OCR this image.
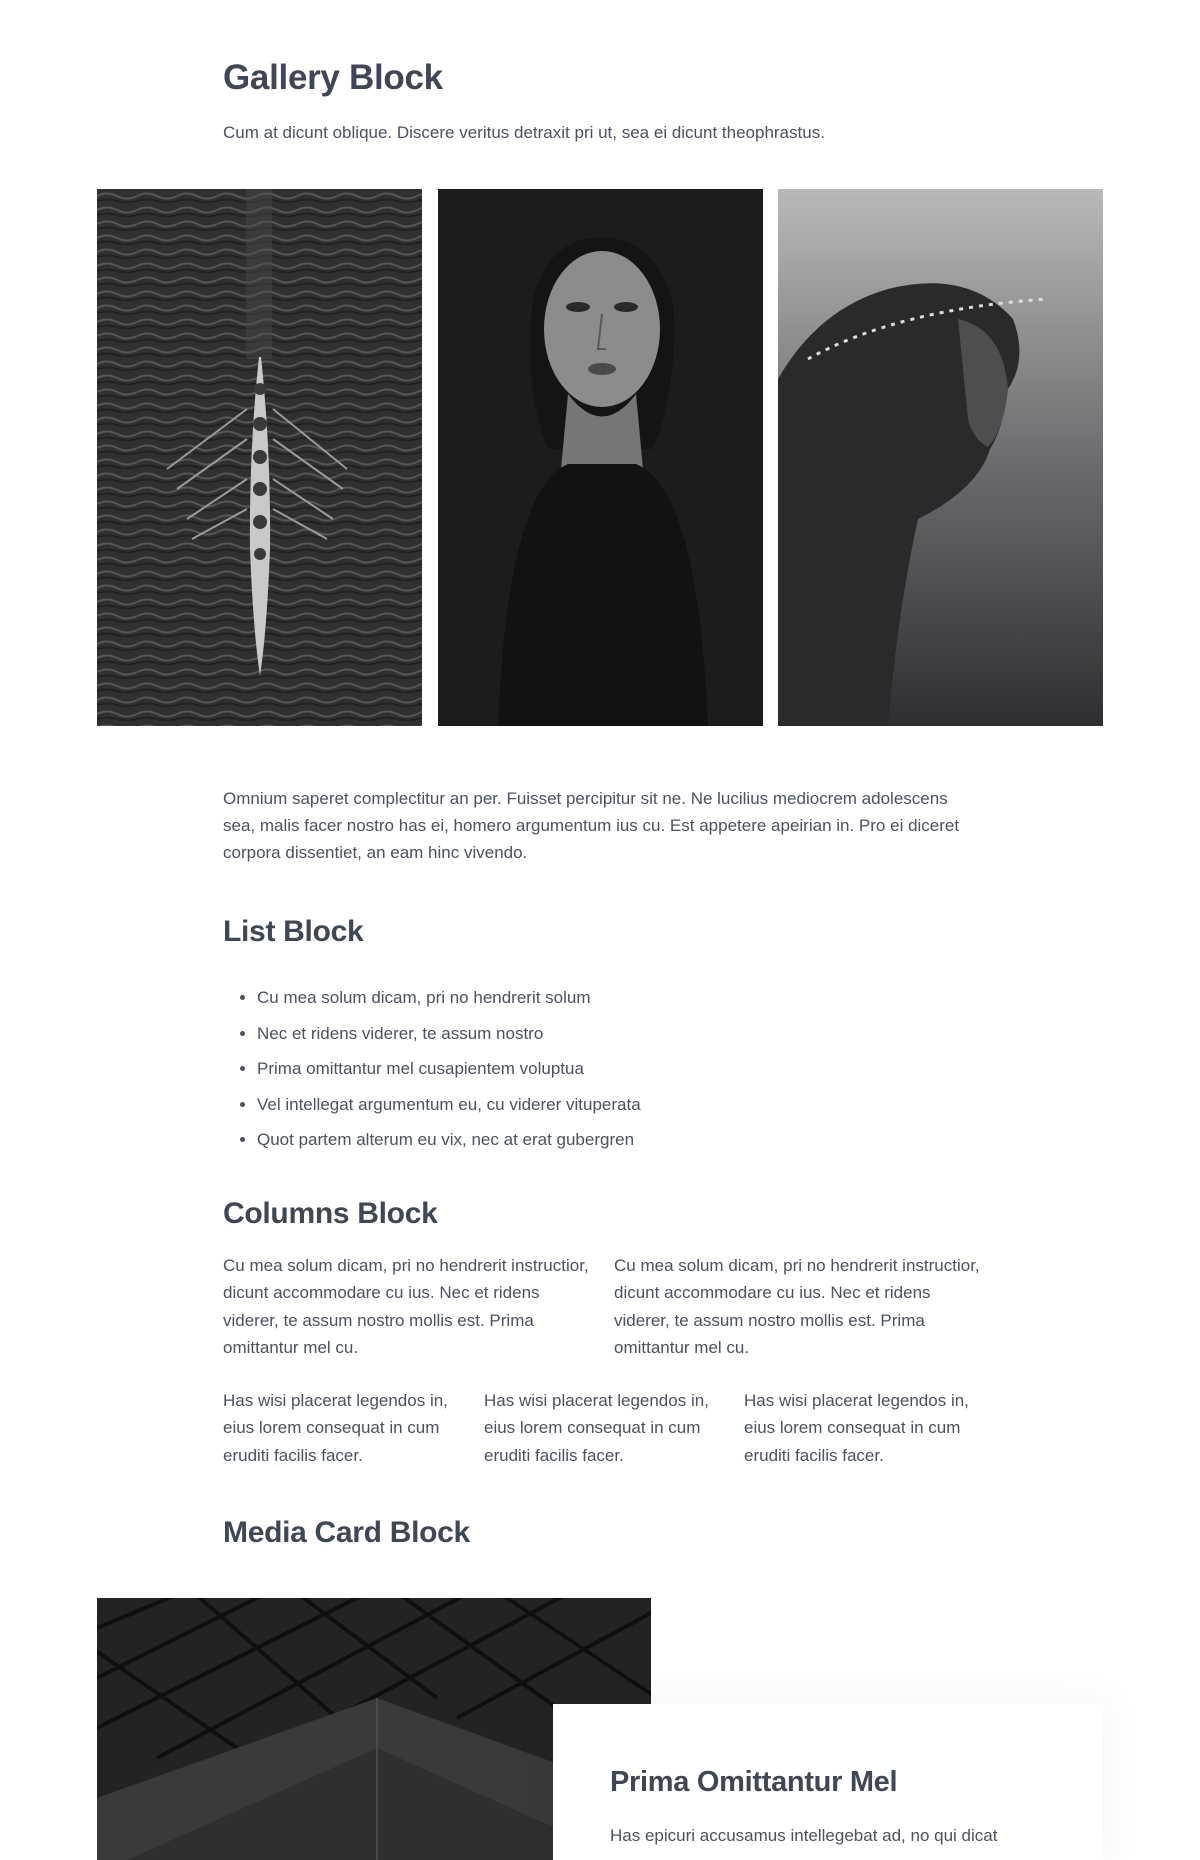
Gallery Block

Cum at dicunt oblique. Discere veritus detraxit pri ut, sea ei dicunt theophrastus.

Omnium saperet complectitur an per. Fuisset percipitur sit ne. Ne lucilius mediocrem adolescens sea, malis facer nostro has ei, homero argumentum ius cu. Est appetere apeirian in. Pro ei diceret corpora dissentiet, an eam hinc vivendo.

List Block
• Cu mea solum dicam, pri no hendrerit solum
• Nec et ridens viderer, te assum nostro
• Prima omittantur mel cusapientem voluptua
• Vel intellegat argumentum eu, cu viderer vituperata
• Quot partem alterum eu vix, nec at erat gubergren
Columns Block

Cu mea solum dicam, pri no hendrerit instructior, dicunt accommodare cu ius. Nec et ridens viderer, te assum nostro mollis est. Prima omittantur mel cu.

Cu mea solum dicam, pri no hendrerit instructior, dicunt accommodare cu ius. Nec et ridens viderer, te assum nostro mollis est. Prima omittantur mel cu.

Has wisi placerat legendos in, eius lorem consequat in cum eruditi facilis facer.

Has wisi placerat legendos in, eius lorem consequat in cum eruditi facilis facer.

Has wisi placerat legendos in, eius lorem consequat in cum eruditi facilis facer.

Media Card Block
Prima Omittantur Mel

Has epicuri accusamus intellegebat ad, no qui dicat
